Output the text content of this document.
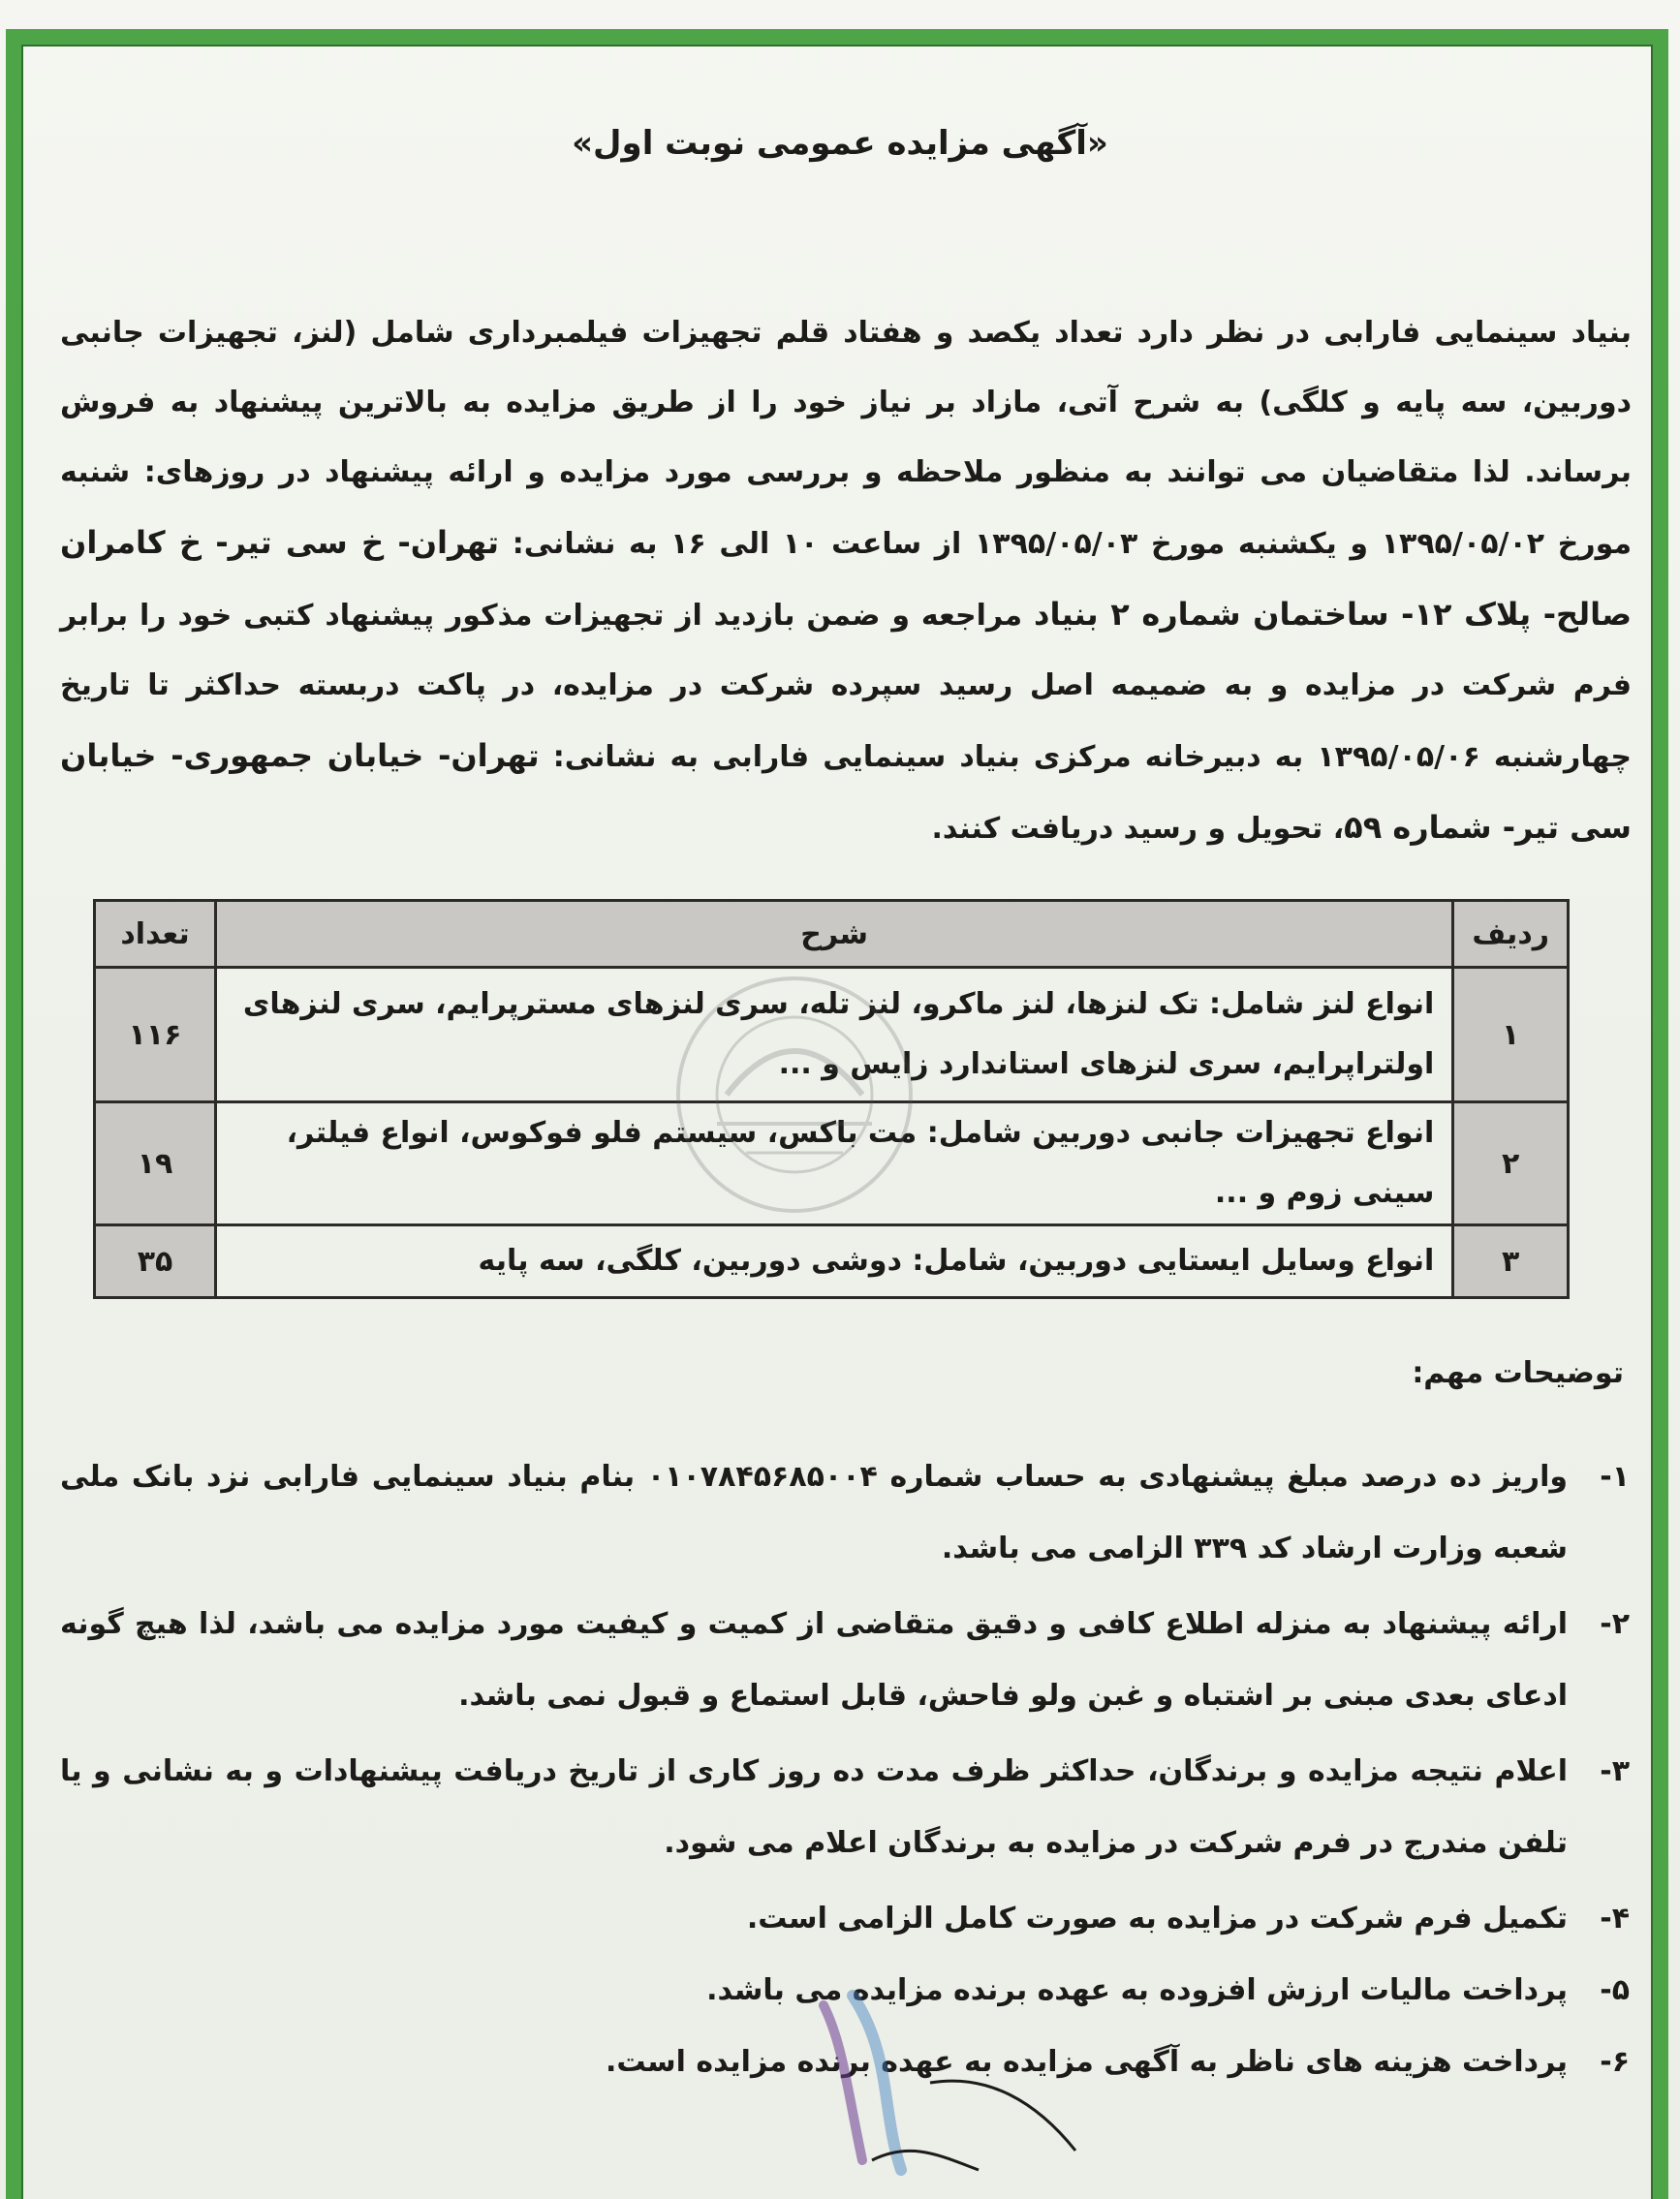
«آگهی مزایده عمومی نوبت اول»
بنیاد سینمایی فارابی در نظر دارد تعداد یکصد و هفتاد قلم تجهیزات فیلمبرداری شامل (لنز، تجهیزات جانبی دوربین، سه پایه و کلگی) به شرح آتی، مازاد بر نیاز خود را از طریق مزایده به بالاترین پیشنهاد به فروش برساند. لذا متقاضیان می توانند به منظور ملاحظه و بررسی مورد مزایده و ارائه پیشنهاد در روزهای: شنبه مورخ ۱۳۹۵/۰۵/۰۲ و یکشنبه مورخ ۱۳۹۵/۰۵/۰۳ از ساعت ۱۰ الی ۱۶ به نشانی: تهران- خ سی تیر- خ کامران صالح- پلاک ۱۲- ساختمان شماره ۲ بنیاد مراجعه و ضمن بازدید از تجهیزات مذکور پیشنهاد کتبی خود را برابر فرم شرکت در مزایده و به ضمیمه اصل رسید سپرده شرکت در مزایده، در پاکت دربسته حداکثر تا تاریخ چهارشنبه ۱۳۹۵/۰۵/۰۶ به دبیرخانه مرکزی بنیاد سینمایی فارابی به نشانی: تهران- خیابان جمهوری- خیابان سی تیر- شماره ۵۹، تحویل و رسید دریافت کنند.
ردیف	شرح	تعداد
۱	انواع لنز شامل: تک لنزها، لنز ماکرو، لنز تله، سری لنزهای مسترپرایم، سری لنزهای اولتراپرایم، سری لنزهای استاندارد زایس و ...	۱۱۶
۲	انواع تجهیزات جانبی دوربین شامل: مت باکس، سیستم فلو فوکوس، انواع فیلتر، سینی زوم و ...	۱۹
۳	انواع وسایل ایستایی دوربین، شامل: دوشی دوربین، کلگی، سه پایه	۳۵
توضیحات مهم:
۱-
واریز ده درصد مبلغ پیشنهادی به حساب شماره ۰۱۰۷۸۴۵۶۸۵۰۰۴ بنام بنیاد سینمایی فارابی نزد بانک ملی شعبه وزارت ارشاد کد ۳۳۹ الزامی می باشد.
۲-
ارائه پیشنهاد به منزله اطلاع کافی و دقیق متقاضی از کمیت و کیفیت مورد مزایده می باشد، لذا هیچ گونه ادعای بعدی مبنی بر اشتباه و غبن ولو فاحش، قابل استماع و قبول نمی باشد.
۳-
اعلام نتیجه مزایده و برندگان، حداکثر ظرف مدت ده روز کاری از تاریخ دریافت پیشنهادات و به نشانی و یا تلفن مندرج در فرم شرکت در مزایده به برندگان اعلام می شود.
۴-
تکمیل فرم شرکت در مزایده به صورت کامل الزامی است.
۵-
پرداخت مالیات ارزش افزوده به عهده برنده مزایده می باشد.
۶-
پرداخت هزینه های ناظر به آگهی مزایده به عهده برنده مزایده است.
